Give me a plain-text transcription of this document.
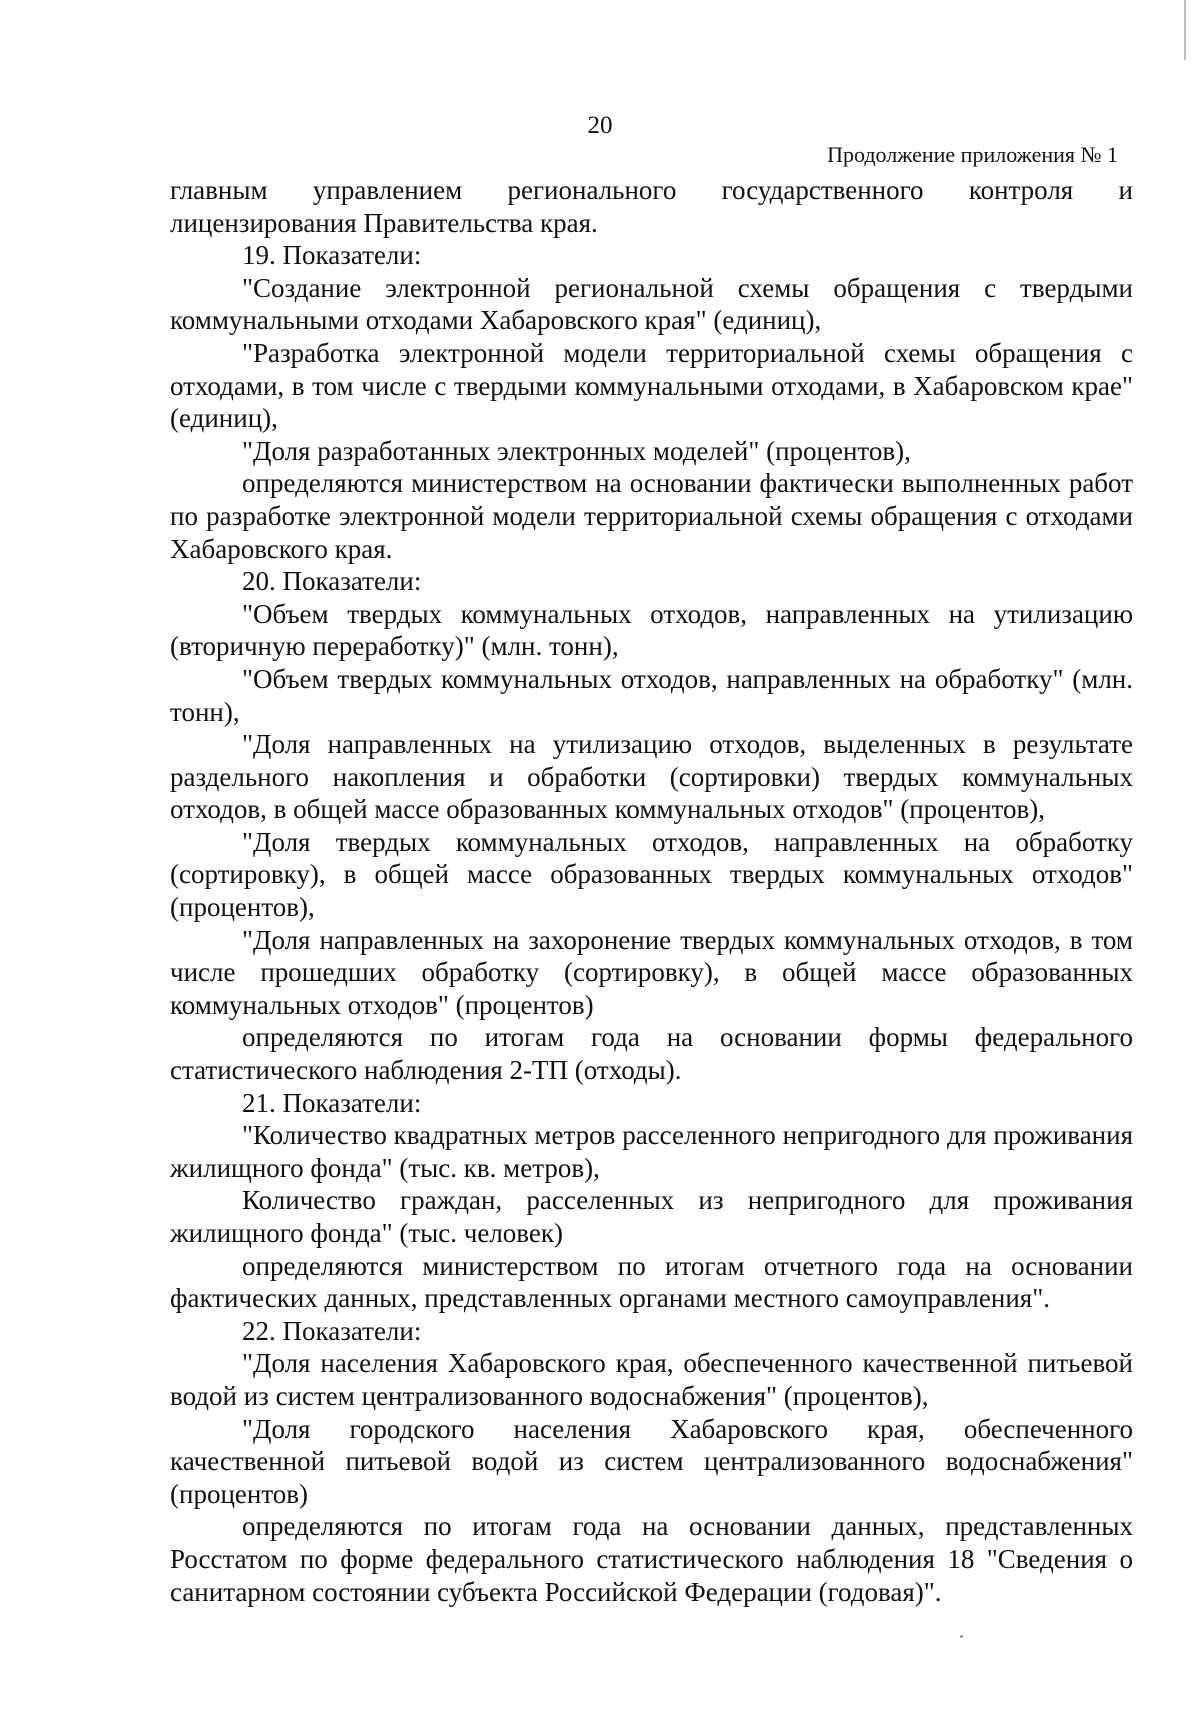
20
Продолжение приложения № 1

главным управлением регионального государственного контроля и лицензирования Правительства края.

19. Показатели:

"Создание электронной региональной схемы обращения с твердыми коммунальными отходами Хабаровского края" (единиц),

"Разработка электронной модели территориальной схемы обращения с отходами, в том числе с твердыми коммунальными отходами, в Хабаровском крае" (единиц),

"Доля разработанных электронных моделей" (процентов),

определяются министерством на основании фактически выполненных работ по разработке электронной модели территориальной схемы обращения с отходами Хабаровского края.

20. Показатели:

"Объем твердых коммунальных отходов, направленных на утилизацию (вторичную переработку)" (млн. тонн),

"Объем твердых коммунальных отходов, направленных на обработку" (млн. тонн),

"Доля направленных на утилизацию отходов, выделенных в результате раздельного накопления и обработки (сортировки) твердых коммунальных отходов, в общей массе образованных коммунальных отходов" (процентов),

"Доля твердых коммунальных отходов, направленных на обработку (сортировку), в общей массе образованных твердых коммунальных отходов" (процентов),

"Доля направленных на захоронение твердых коммунальных отходов, в том числе прошедших обработку (сортировку), в общей массе образованных коммунальных отходов" (процентов)

определяются по итогам года на основании формы федерального статистического наблюдения 2-ТП (отходы).

21. Показатели:

"Количество квадратных метров расселенного непригодного для проживания жилищного фонда" (тыс. кв. метров),

Количество граждан, расселенных из непригодного для проживания жилищного фонда" (тыс. человек)

определяются министерством по итогам отчетного года на основании фактических данных, представленных органами местного самоуправления".

22. Показатели:

"Доля населения Хабаровского края, обеспеченного качественной питьевой водой из систем централизованного водоснабжения" (процентов),

"Доля городского населения Хабаровского края, обеспеченного качественной питьевой водой из систем централизованного водоснабжения" (процентов)

определяются по итогам года на основании данных, представленных Росстатом по форме федерального статистического наблюдения 18 "Сведения о санитарном состоянии субъекта Российской Федерации (годовая)".
